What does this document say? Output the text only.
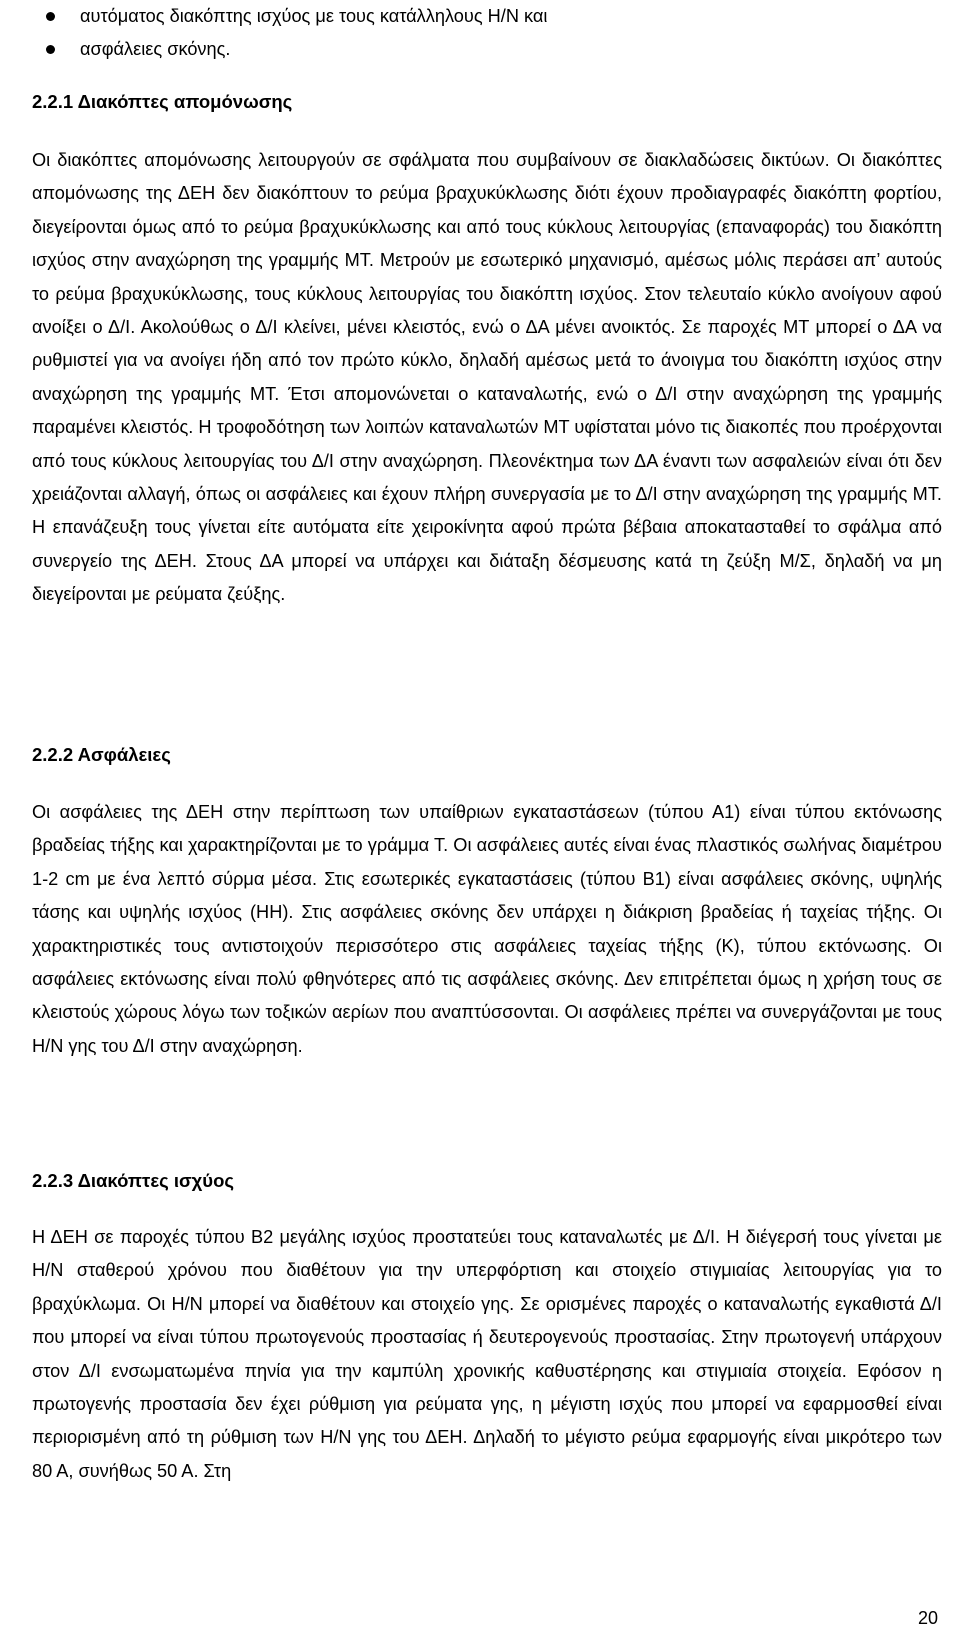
αυτόματος διακόπτης ισχύος με τους κατάλληλους Η/Ν και
ασφάλειες σκόνης.
2.2.1 Διακόπτες απομόνωσης

Οι διακόπτες απομόνωσης λειτουργούν σε σφάλματα που συμβαίνουν σε διακλαδώσεις δικτύων. Οι διακόπτες απομόνωσης της ΔΕΗ δεν διακόπτουν το ρεύμα βραχυκύκλωσης διότι έχουν προδιαγραφές διακόπτη φορτίου, διεγείρονται όμως από το ρεύμα βραχυκύκλωσης και από τους κύκλους λειτουργίας (επαναφοράς) του διακόπτη ισχύος στην αναχώρηση της γραμμής ΜΤ. Μετρούν με εσωτερικό μηχανισμό, αμέσως μόλις περάσει απ’ αυτούς το ρεύμα βραχυκύκλωσης, τους κύκλους λειτουργίας του διακόπτη ισχύος. Στον τελευταίο κύκλο ανοίγουν αφού ανοίξει ο Δ/Ι. Ακολούθως ο Δ/Ι κλείνει, μένει κλειστός, ενώ ο ΔΑ μένει ανοικτός. Σε παροχές ΜΤ μπορεί ο ΔΑ να ρυθμιστεί για να ανοίγει ήδη από τον πρώτο κύκλο, δηλαδή αμέσως μετά το άνοιγμα του διακόπτη ισχύος στην αναχώρηση της γραμμής ΜΤ. Έτσι απομονώνεται ο καταναλωτής, ενώ ο Δ/Ι στην αναχώρηση της γραμμής παραμένει κλειστός. Η τροφοδότηση των λοιπών καταναλωτών ΜΤ υφίσταται μόνο τις διακοπές που προέρχονται από τους κύκλους λειτουργίας του Δ/Ι στην αναχώρηση. Πλεονέκτημα των ΔΑ έναντι των ασφαλειών είναι ότι δεν χρειάζονται αλλαγή, όπως οι ασφάλειες και έχουν πλήρη συνεργασία με το Δ/Ι στην αναχώρηση της γραμμής ΜΤ. Η επανάζευξη τους γίνεται είτε αυτόματα είτε χειροκίνητα αφού πρώτα βέβαια αποκατασταθεί το σφάλμα από συνεργείο της ΔΕΗ. Στους ΔΑ μπορεί να υπάρχει και διάταξη δέσμευσης κατά τη ζεύξη Μ/Σ, δηλαδή να μη διεγείρονται με ρεύματα ζεύξης.

2.2.2 Ασφάλειες

Οι ασφάλειες της ΔΕΗ στην περίπτωση των υπαίθριων εγκαταστάσεων (τύπου Α1) είναι τύπου εκτόνωσης βραδείας τήξης και χαρακτηρίζονται με το γράμμα Τ. Οι ασφάλειες αυτές είναι ένας πλαστικός σωλήνας διαμέτρου 1-2 cm με ένα λεπτό σύρμα μέσα. Στις εσωτερικές εγκαταστάσεις (τύπου Β1) είναι ασφάλειες σκόνης, υψηλής τάσης και υψηλής ισχύος (ΗΗ). Στις ασφάλειες σκόνης δεν υπάρχει η διάκριση βραδείας ή ταχείας τήξης. Οι χαρακτηριστικές τους αντιστοιχούν περισσότερο στις ασφάλειες ταχείας τήξης (Κ), τύπου εκτόνωσης. Οι ασφάλειες εκτόνωσης είναι πολύ φθηνότερες από τις ασφάλειες σκόνης. Δεν επιτρέπεται όμως η χρήση τους σε κλειστούς χώρους λόγω των τοξικών αερίων που αναπτύσσονται. Οι ασφάλειες πρέπει να συνεργάζονται με τους Η/Ν γης του Δ/Ι στην αναχώρηση.

2.2.3 Διακόπτες ισχύος

Η ΔΕΗ σε παροχές τύπου Β2 μεγάλης ισχύος προστατεύει τους καταναλωτές με Δ/Ι. Η διέγερσή τους γίνεται με Η/Ν σταθερού χρόνου που διαθέτουν για την υπερφόρτιση και στοιχείο στιγμιαίας λειτουργίας για το βραχύκλωμα. Οι Η/Ν μπορεί να διαθέτουν και στοιχείο γης. Σε ορισμένες παροχές ο καταναλωτής εγκαθιστά Δ/Ι που μπορεί να είναι τύπου πρωτογενούς προστασίας ή δευτερογενούς προστασίας. Στην πρωτογενή υπάρχουν στον Δ/Ι ενσωματωμένα πηνία για την καμπύλη χρονικής καθυστέρησης και στιγμιαία στοιχεία. Εφόσον η πρωτογενής προστασία δεν έχει ρύθμιση για ρεύματα γης, η μέγιστη ισχύς που μπορεί να εφαρμοσθεί είναι περιορισμένη από τη ρύθμιση των Η/Ν γης του ΔΕΗ. Δηλαδή το μέγιστο ρεύμα εφαρμογής είναι μικρότερο των 80 Α, συνήθως 50 Α. Στη

20
